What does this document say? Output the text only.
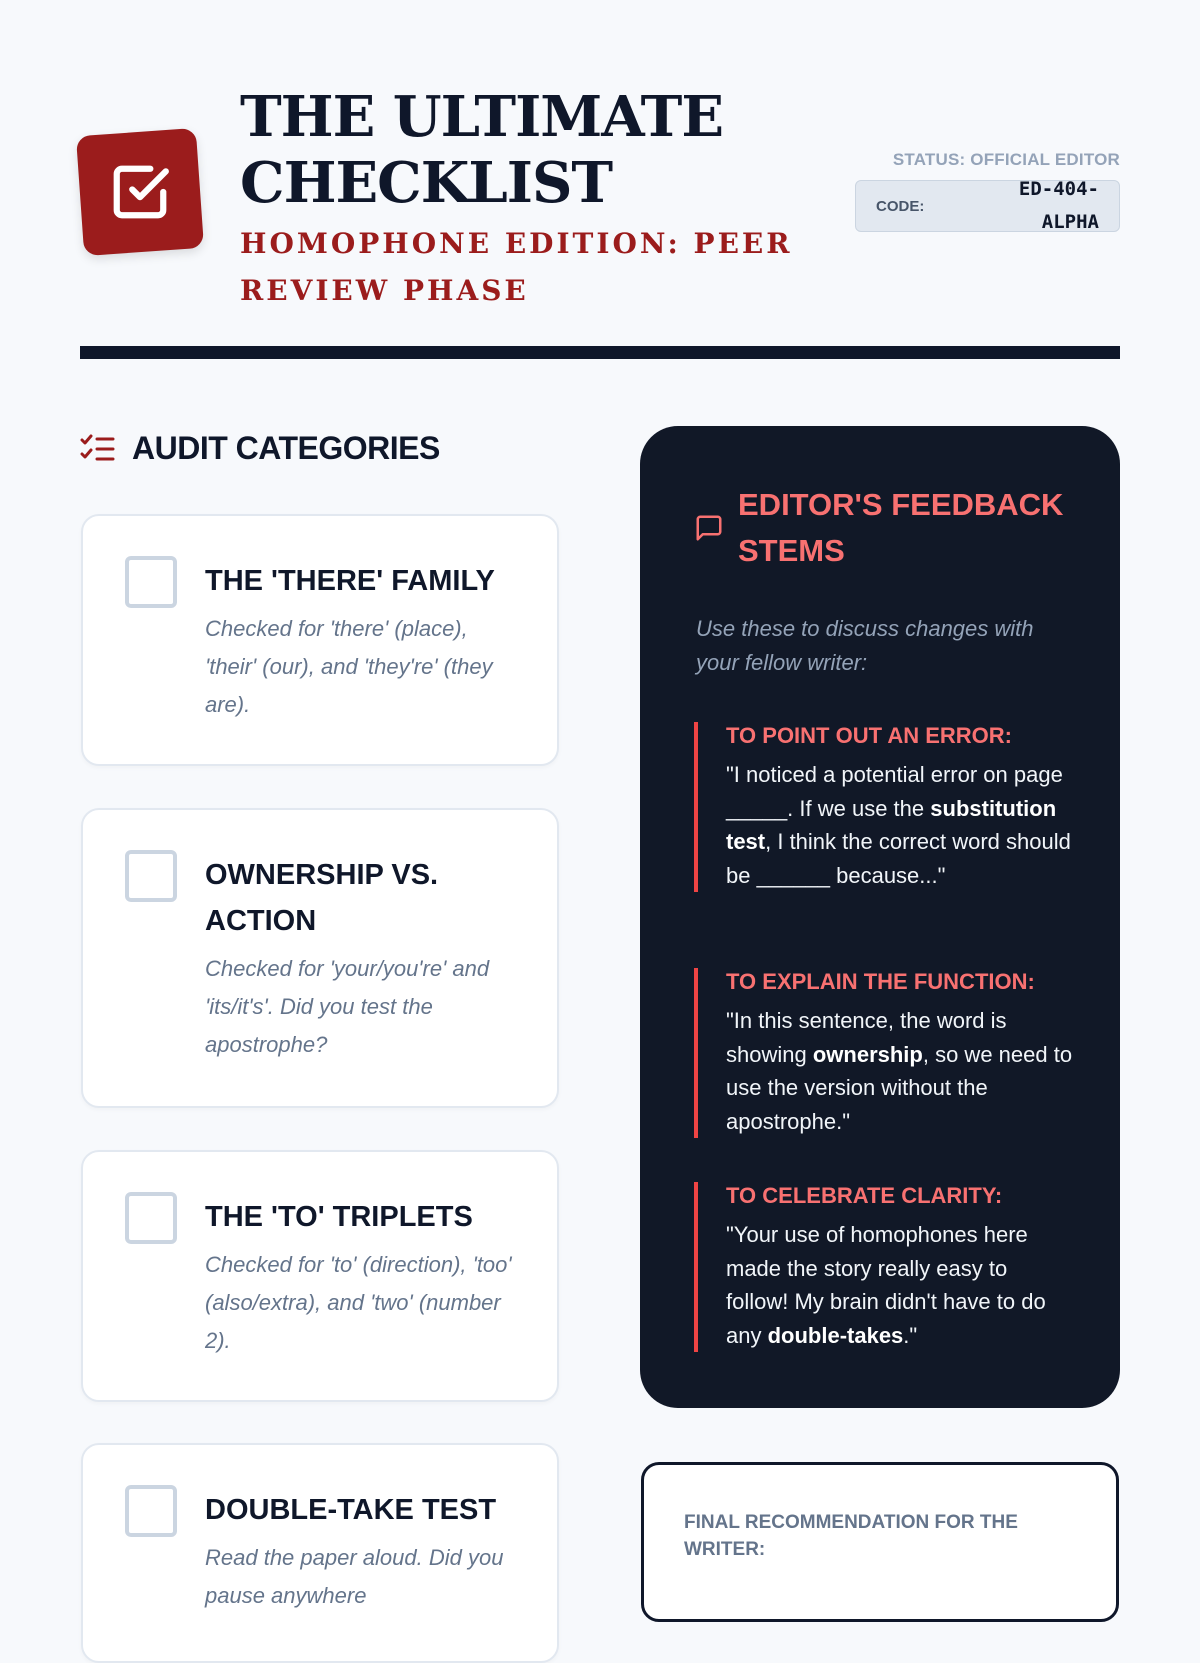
THE ULTIMATE CHECKLIST
HOMOPHONE EDITION: PEER REVIEW PHASE
STATUS: OFFICIAL EDITOR
CODE:
ED-404-ALPHA
AUDIT CATEGORIES
THE 'THERE' FAMILY
Checked for 'there' (place), 'their' (our), and 'they're' (they are).
OWNERSHIP VS. ACTION
Checked for 'your/you're' and 'its/it's'. Did you test the apostrophe?
THE 'TO' TRIPLETS
Checked for 'to' (direction), 'too' (also/extra), and 'two' (number 2).
DOUBLE-TAKE TEST
Read the paper aloud. Did you pause anywhere
EDITOR'S FEEDBACK STEMS
Use these to discuss changes with your fellow writer:
TO POINT OUT AN ERROR:
"I noticed a potential error on page _____. If we use the substitution test, I think the correct word should be ______ because..."
TO EXPLAIN THE FUNCTION:
"In this sentence, the word is showing ownership, so we need to use the version without the apostrophe."
TO CELEBRATE CLARITY:
"Your use of homophones here made the story really easy to follow! My brain didn't have to do any double-takes."
FINAL RECOMMENDATION FOR THE WRITER:
